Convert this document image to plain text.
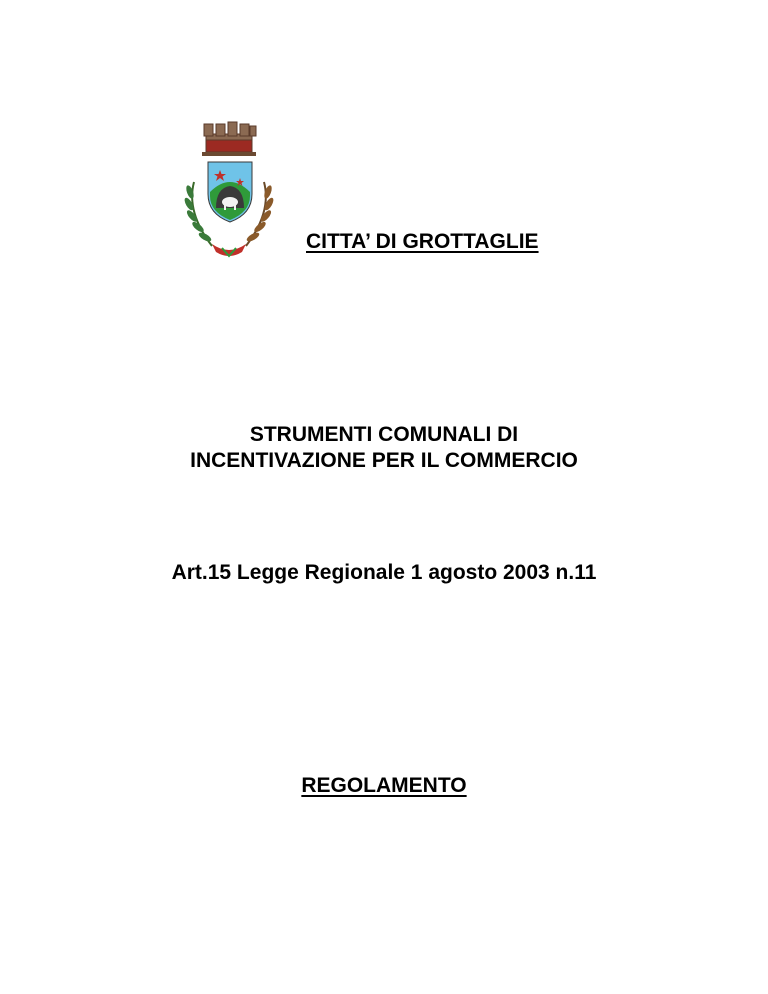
CITTA’ DI GROTTAGLIE
STRUMENTI COMUNALI DI
INCENTIVAZIONE PER IL COMMERCIO
Art.15 Legge Regionale 1 agosto 2003 n.11
REGOLAMENTO
